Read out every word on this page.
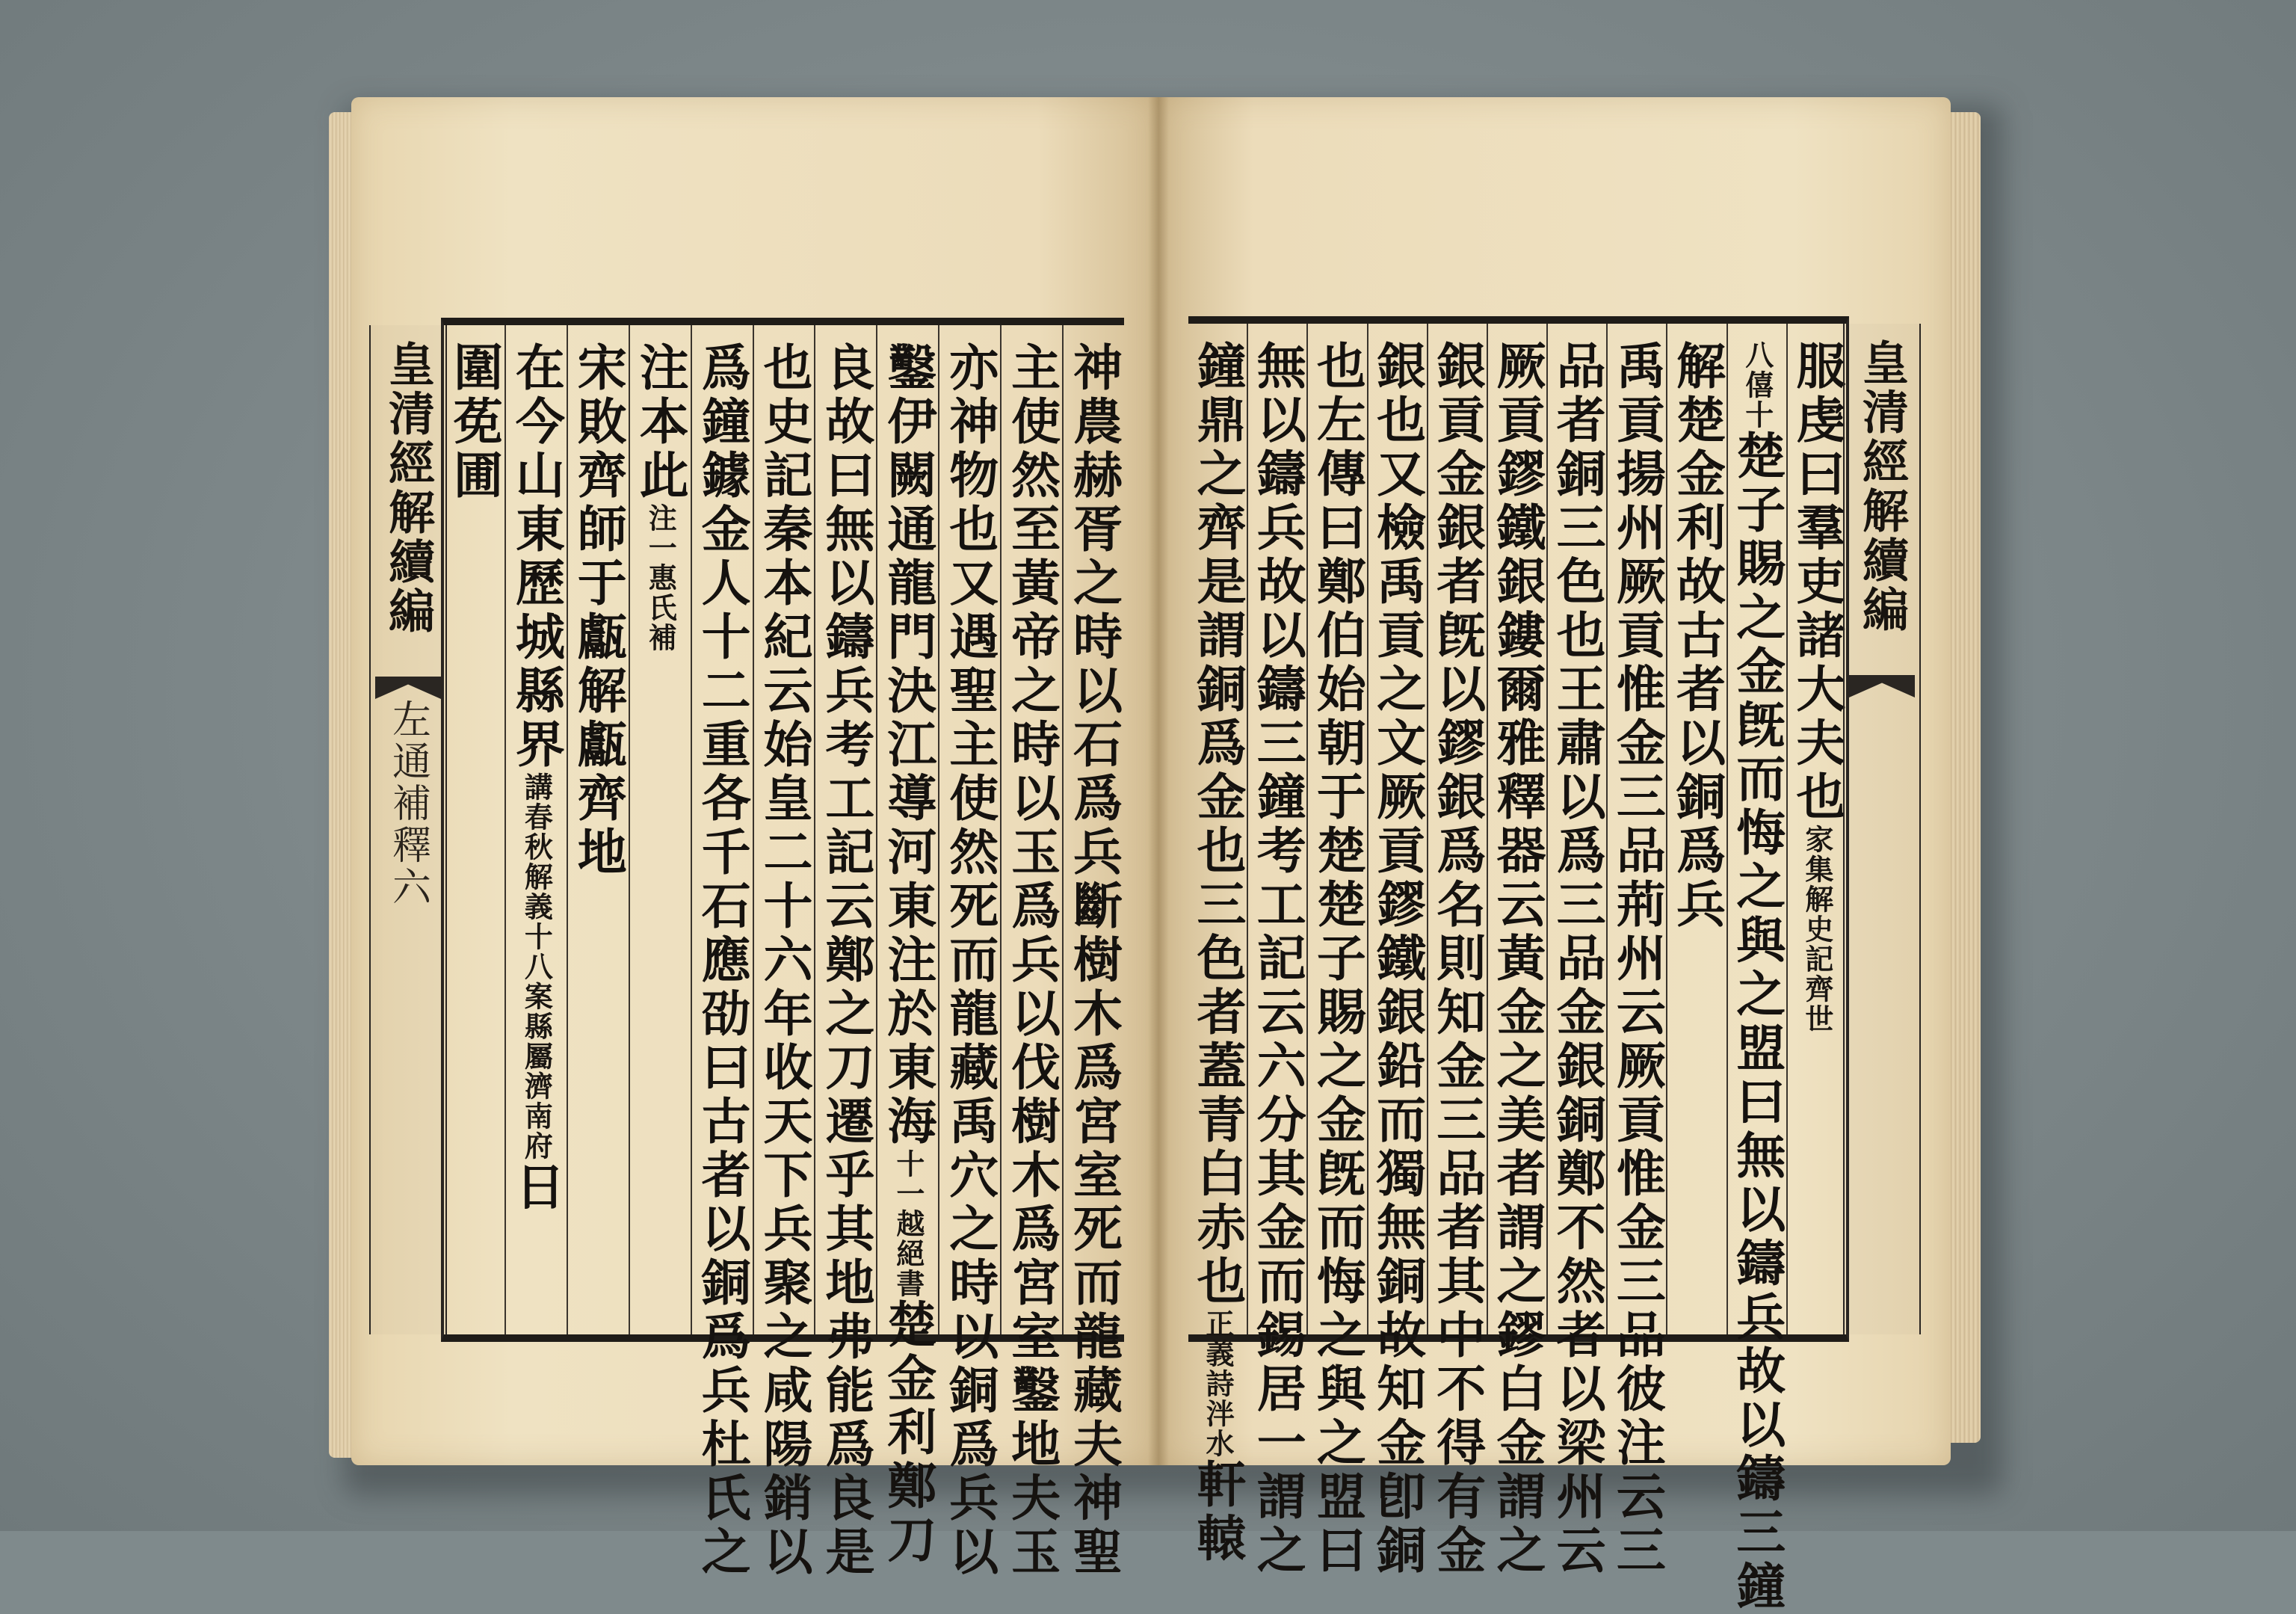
神農赫胥之時以石爲兵斷樹木爲宮室死而龍藏夫神聖
主使然至黃帝之時以玉爲兵以伐樹木爲宮室鑿地夫玉
亦神物也又遇聖主使然死而龍藏禹穴之時以銅爲兵以
鑿伊闕通龍門決江導河東注於東海十一越絕書楚金利鄭刀
良故曰無以鑄兵考工記云鄭之刀遷乎其地弗能爲良是
也史記秦本紀云始皇二十六年收天下兵聚之咸陽銷以
爲鐘鐻金人十二重各千石應劭曰古者以銅爲兵杜氏之
注本此注一惠氏補
宋敗齊師于甗解甗齊地
在今山東歷城縣界講春秋解義十八案縣屬濟南府日
圍莬圃
皇清經解續編
左通補釋六	服虔曰羣吏諸大夫也家集解史記齊世
八僖十楚子賜之金旣而悔之與之盟曰無以鑄兵故以鑄三鐘
解楚金利故古者以銅爲兵
禹貢揚州厥貢惟金三品荊州云厥貢惟金三品彼注云三
品者銅三色也王肅以爲三品金銀銅鄭不然者以梁州云
厥貢鏐鐵銀鏤爾雅釋器云黃金之美者謂之鏐白金謂之
銀貢金銀者旣以鏐銀爲名則知金三品者其中不得有金
銀也又檢禹貢之文厥貢鏐鐵銀鉛而獨無銅故知金卽銅
也左傳曰鄭伯始朝于楚楚子賜之金旣而悔之與之盟曰
無以鑄兵故以鑄三鐘考工記云六分其金而錫居一謂之
鐘鼎之齊是謂銅爲金也三色者蓋青白赤也正義詩泮水軒轅
皇清經解續編
